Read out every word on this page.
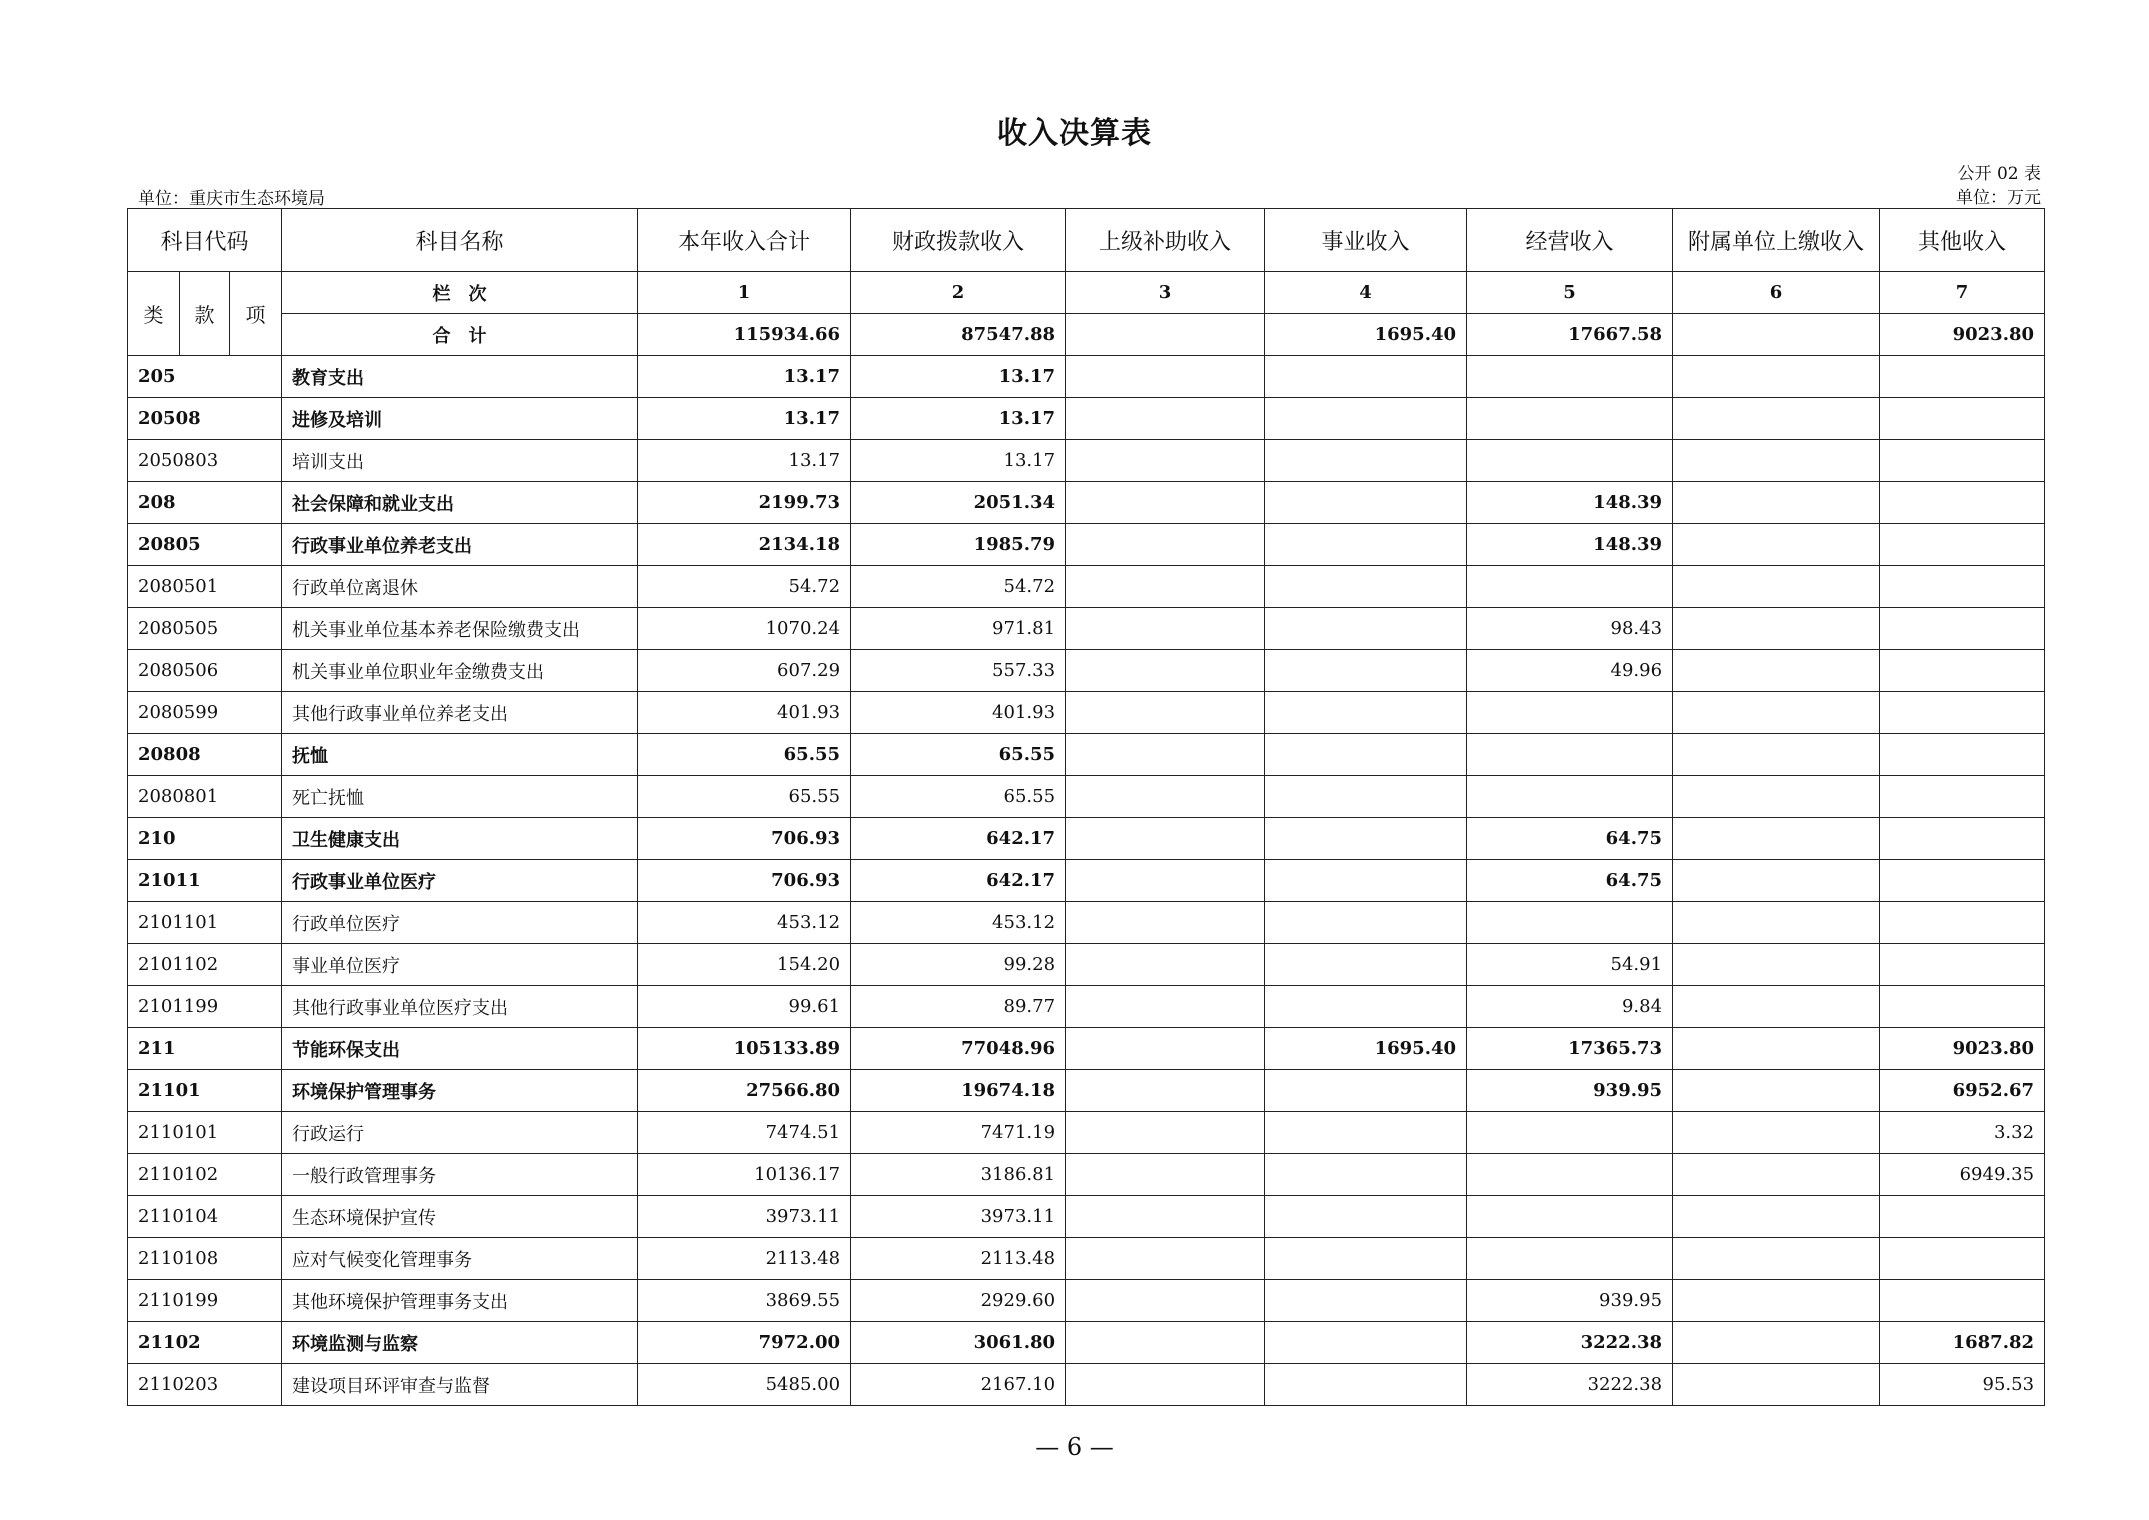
收入决算表
单位：重庆市生态环境局
公开 02 表
单位：万元
科目代码			科目名称	本年收入合计	财政拨款收入	上级补助收入	事业收入	经营收入	附属单位上缴收入	其他收入
类	款	项	栏　次	1	2	3	4	5	6	7
			合　计	115934.66	87547.88		1695.40	17667.58		9023.80
205			教育支出	13.17	13.17					
20508			进修及培训	13.17	13.17					
2050803			培训支出	13.17	13.17					
208			社会保障和就业支出	2199.73	2051.34			148.39		
20805			行政事业单位养老支出	2134.18	1985.79			148.39		
2080501			行政单位离退休	54.72	54.72					
2080505			机关事业单位基本养老保险缴费支出	1070.24	971.81			98.43		
2080506			机关事业单位职业年金缴费支出	607.29	557.33			49.96		
2080599			其他行政事业单位养老支出	401.93	401.93					
20808			抚恤	65.55	65.55					
2080801			死亡抚恤	65.55	65.55					
210			卫生健康支出	706.93	642.17			64.75		
21011			行政事业单位医疗	706.93	642.17			64.75		
2101101			行政单位医疗	453.12	453.12					
2101102			事业单位医疗	154.20	99.28			54.91		
2101199			其他行政事业单位医疗支出	99.61	89.77			9.84		
211			节能环保支出	105133.89	77048.96		1695.40	17365.73		9023.80
21101			环境保护管理事务	27566.80	19674.18			939.95		6952.67
2110101			行政运行	7474.51	7471.19					3.32
2110102			一般行政管理事务	10136.17	3186.81					6949.35
2110104			生态环境保护宣传	3973.11	3973.11					
2110108			应对气候变化管理事务	2113.48	2113.48					
2110199			其他环境保护管理事务支出	3869.55	2929.60			939.95		
21102			环境监测与监察	7972.00	3061.80			3222.38		1687.82
2110203			建设项目环评审查与监督	5485.00	2167.10			3222.38		95.53
— 6 —
